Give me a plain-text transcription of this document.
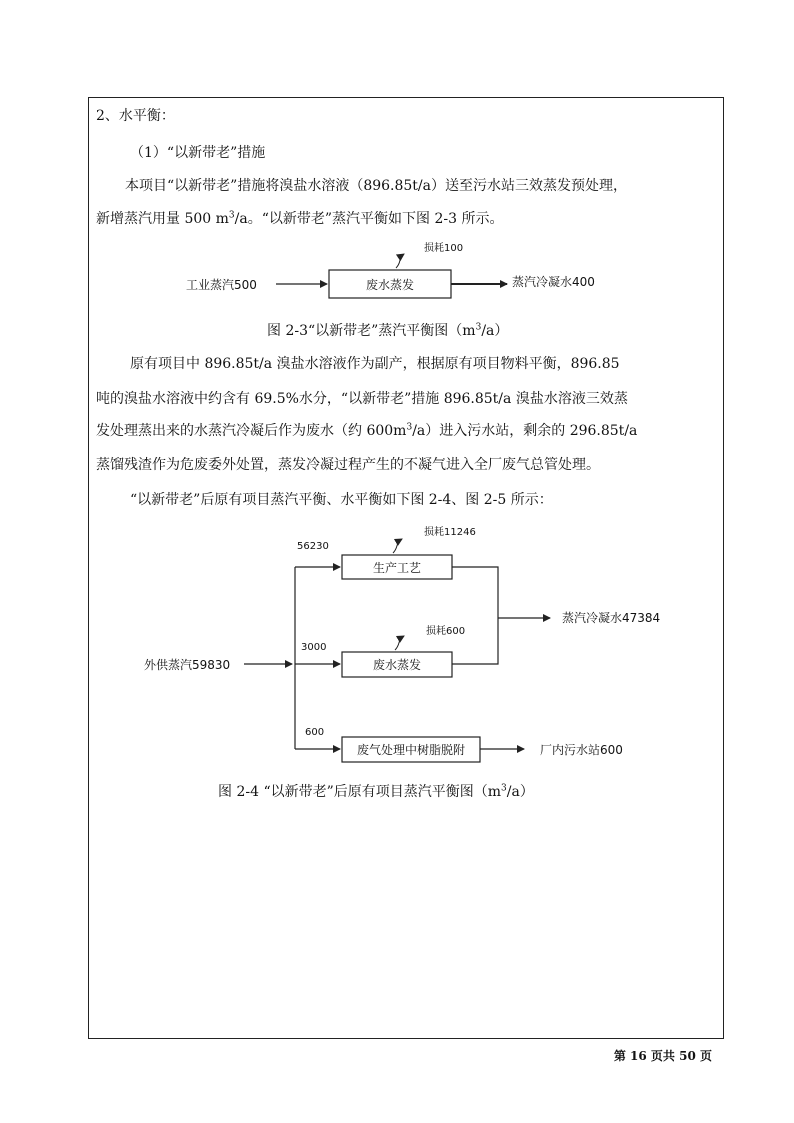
2、水平衡：
（1）“以新带老”措施
本项目“以新带老”措施将溴盐水溶液（896.85t/a）送至污水站三效蒸发预处理，
新增蒸汽用量 500 $m^3/a$。“以新带老”蒸汽平衡如下图 2-3 所示。
工业蒸汽500	废水蒸发
损耗100
蒸汽冷凝水400
图 2-3“以新带老”蒸汽平衡图$(m^3/a)$
原有项目中 896.85t/a 溴盐水溶液作为副产，根据原有项目物料平衡，896.85
吨的溴盐水溶液中约含有 69.5%水分，“以新带老”措施 896.85t/a 溴盐水溶液三效蒸
发处理蒸出来的水蒸汽冷凝后作为废水（约 $600m^3/a$）进入污水站，剩余的 296.85t/a
蒸馏残渣作为危废委外处置，蒸发冷凝过程产生的不凝气进入全厂废气总管处理。
“以新带老”后原有项目蒸汽平衡、水平衡如下图 2-4、图 2-5 所示：
外供蒸汽59830
56230
生产工艺
损耗11246
3000
废水蒸发
损耗600
蒸汽冷凝水47384
600
废气处理中树脂脱附	厂内污水站600
图 2-4 “以新带老”后原有项目蒸汽平衡图$(m^3/a)$
第 16 页共 50 页
